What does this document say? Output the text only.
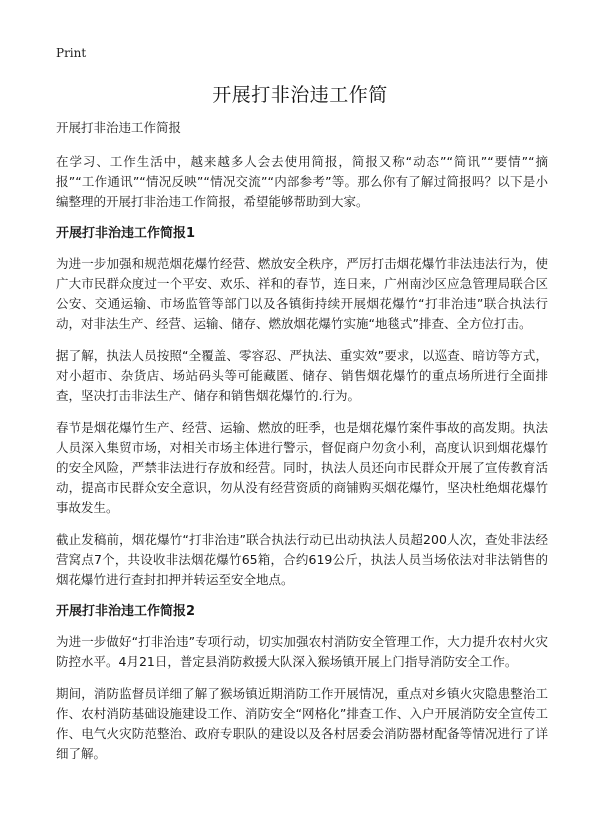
Print
开展打非治违工作简
开展打非治违工作简报

在学习、工作生活中，越来越多人会去使用简报，简报又称“动态”“简讯”“要情”“摘报”“工作通讯”“情况反映”“情况交流”“内部参考”等。那么你有了解过简报吗？以下是小编整理的开展打非治违工作简报，希望能够帮助到大家。

开展打非治违工作简报1

为进一步加强和规范烟花爆竹经营、燃放安全秩序，严厉打击烟花爆竹非法违法行为，使广大市民群众度过一个平安、欢乐、祥和的春节，连日来，广州南沙区应急管理局联合区公安、交通运输、市场监管等部门以及各镇街持续开展烟花爆竹“打非治违”联合执法行动，对非法生产、经营、运输、储存、燃放烟花爆竹实施“地毯式”排查、全方位打击。

据了解，执法人员按照“全覆盖、零容忍、严执法、重实效”要求，以巡查、暗访等方式，对小超市、杂货店、场站码头等可能藏匿、储存、销售烟花爆竹的重点场所进行全面排查，坚决打击非法生产、储存和销售烟花爆竹的.行为。

春节是烟花爆竹生产、经营、运输、燃放的旺季，也是烟花爆竹案件事故的高发期。执法人员深入集贸市场，对相关市场主体进行警示，督促商户勿贪小利，高度认识到烟花爆竹的安全风险，严禁非法进行存放和经营。同时，执法人员还向市民群众开展了宣传教育活动，提高市民群众安全意识，勿从没有经营资质的商铺购买烟花爆竹，坚决杜绝烟花爆竹事故发生。

截止发稿前，烟花爆竹“打非治违”联合执法行动已出动执法人员超200人次，查处非法经营窝点7个，共设收非法烟花爆竹65箱，合约619公斤，执法人员当场依法对非法销售的烟花爆竹进行查封扣押并转运至安全地点。

开展打非治违工作简报2

为进一步做好“打非治违”专项行动，切实加强农村消防安全管理工作，大力提升农村火灾防控水平。4月21日，普定县消防救援大队深入猴场镇开展上门指导消防安全工作。

期间，消防监督员详细了解了猴场镇近期消防工作开展情况，重点对乡镇火灾隐患整治工作、农村消防基础设施建设工作、消防安全“网格化”排查工作、入户开展消防安全宣传工作、电气火灾防范整治、政府专职队的建设以及各村居委会消防器材配备等情况进行了详细了解。
